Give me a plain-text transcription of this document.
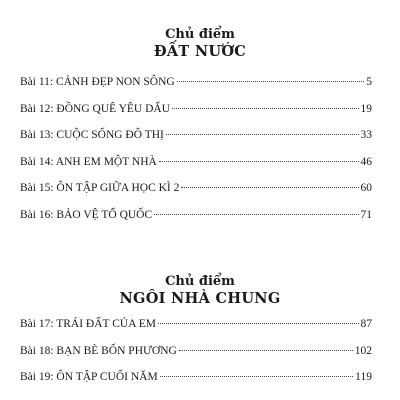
Chủ điểm
ĐẤT NƯỚC
Bài 11: CẢNH ĐẸP NON SÔNG	5
Bài 12: ĐỒNG QUÊ YÊU DẤU	19
Bài 13: CUỘC SỐNG ĐÔ THỊ	33
Bài 14: ANH EM MỘT NHÀ	46
Bài 15: ÔN TẬP GIỮA HỌC KÌ 2	60
Bài 16: BẢO VỆ TỔ QUỐC	71
Chủ điểm
NGÔI NHÀ CHUNG
Bài 17: TRÁI ĐẤT CỦA EM	87
Bài 18: BẠN BÈ BỐN PHƯƠNG	102
Bài 19: ÔN TẬP CUỐI NĂM	119
